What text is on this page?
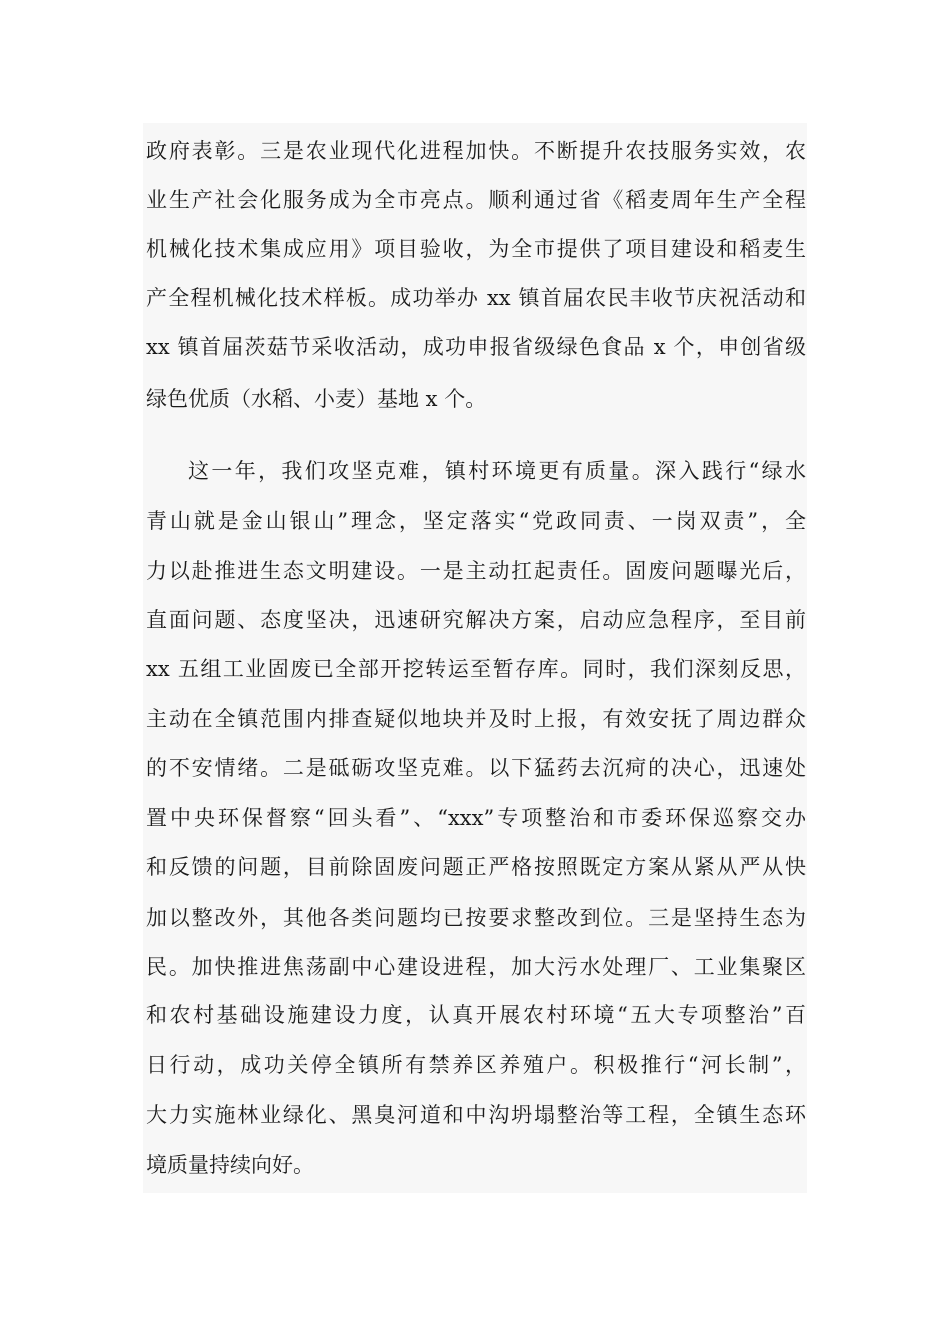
政府表彰。三是农业现代化进程加快。不断提升农技服务实效，农
业生产社会化服务成为全市亮点。顺利通过省《稻麦周年生产全程
机械化技术集成应用》项目验收，为全市提供了项目建设和稻麦生
产全程机械化技术样板。成功举办 xx 镇首届农民丰收节庆祝活动和
xx 镇首届茨菇节采收活动，成功申报省级绿色食品 x 个，申创省级
绿色优质（水稻、小麦）基地 x 个。
这一年，我们攻坚克难，镇村环境更有质量。深入践行“绿水
青山就是金山银山”理念，坚定落实“党政同责、一岗双责”，全
力以赴推进生态文明建设。一是主动扛起责任。固废问题曝光后，
直面问题、态度坚决，迅速研究解决方案，启动应急程序，至目前
xx 五组工业固废已全部开挖转运至暂存库。同时，我们深刻反思，
主动在全镇范围内排查疑似地块并及时上报，有效安抚了周边群众
的不安情绪。二是砥砺攻坚克难。以下猛药去沉疴的决心，迅速处
置中央环保督察“回头看”、“xxx”专项整治和市委环保巡察交办
和反馈的问题，目前除固废问题正严格按照既定方案从紧从严从快
加以整改外，其他各类问题均已按要求整改到位。三是坚持生态为
民。加快推进焦荡副中心建设进程，加大污水处理厂、工业集聚区
和农村基础设施建设力度，认真开展农村环境“五大专项整治”百
日行动，成功关停全镇所有禁养区养殖户。积极推行“河长制”，
大力实施林业绿化、黑臭河道和中沟坍塌整治等工程，全镇生态环
境质量持续向好。
